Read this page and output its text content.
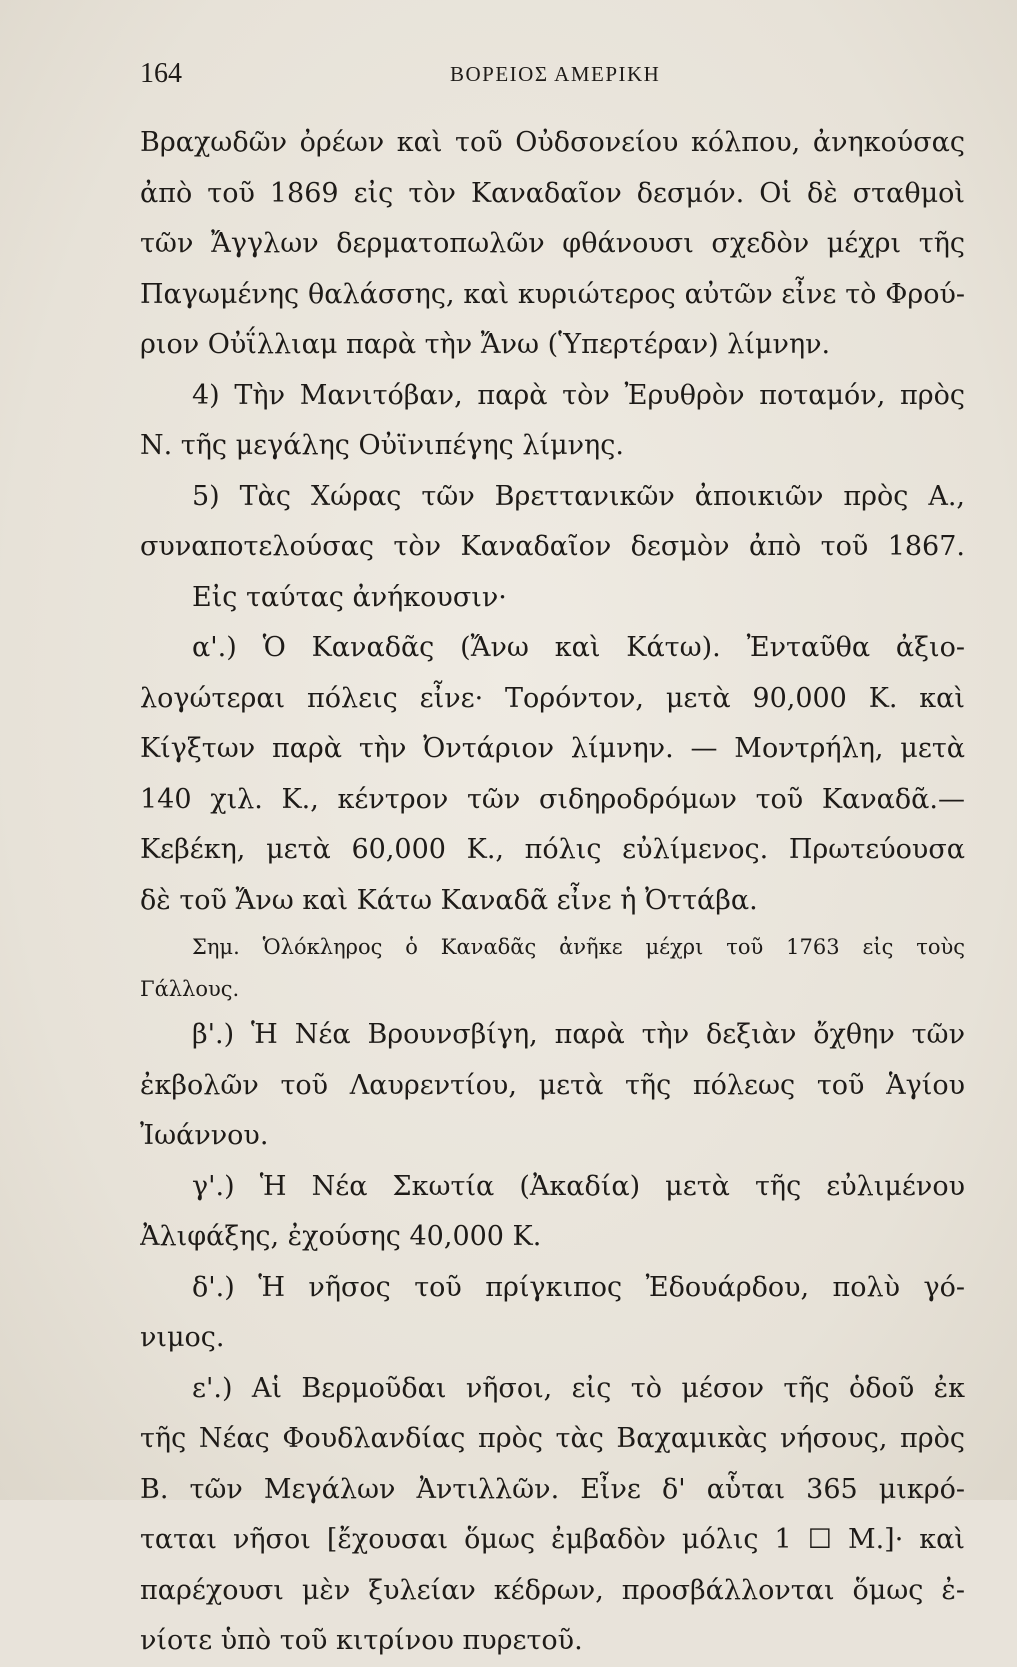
164	ΒΟΡΕΙΟΣ ΑΜΕΡΙΚΗ
Βραχωδῶν ὀρέων καὶ τοῦ Οὐδσονείου κόλπου, ἀνηκούσας
ἀπὸ τοῦ 1869 εἰς τὸν Καναδαῖον δεσμόν. Οἱ δὲ σταθμοὶ
τῶν Ἄγγλων δερματοπωλῶν φθάνουσι σχεδὸν μέχρι τῆς
Παγωμένης θαλάσσης, καὶ κυριώτερος αὐτῶν εἶνε τὸ Φρού-
ριον Οὐΐλλιαμ παρὰ τὴν Ἄνω (Ὑπερτέραν) λίμνην.
4) Τὴν Μανιτόβαν, παρὰ τὸν Ἐρυθρὸν ποταμόν, πρὸς
Ν. τῆς μεγάλης Οὐϊνιπέγης λίμνης.
5) Τὰς Χώρας τῶν Βρεττανικῶν ἀποικιῶν πρὸς Α.,
συναποτελούσας τὸν Καναδαῖον δεσμὸν ἀπὸ τοῦ 1867.
Εἰς ταύτας ἀνήκουσιν·
α'.) Ὁ Καναδᾶς (Ἄνω καὶ Κάτω). Ἐνταῦθα ἀξιο-
λογώτεραι πόλεις εἶνε· Τορόντον, μετὰ 90,000 Κ. καὶ
Κίγξτων παρὰ τὴν Ὀντάριον λίμνην. — Μοντρήλη, μετὰ
140 χιλ. Κ., κέντρον τῶν σιδηροδρόμων τοῦ Καναδᾶ.—
Κεβέκη, μετὰ 60,000 Κ., πόλις εὐλίμενος. Πρωτεύουσα
δὲ τοῦ Ἄνω καὶ Κάτω Καναδᾶ εἶνε ἡ Ὀττάβα.
Σημ. Ὁλόκληρος ὁ Καναδᾶς ἀνῆκε μέχρι τοῦ 1763 εἰς τοὺς
Γάλλους.
β'.) Ἡ Νέα Βρουνσβίγη, παρὰ τὴν δεξιὰν ὄχθην τῶν
ἐκβολῶν τοῦ Λαυρεντίου, μετὰ τῆς πόλεως τοῦ Ἁγίου
Ἰωάννου.
γ'.) Ἡ Νέα Σκωτία (Ἀκαδία) μετὰ τῆς εὐλιμένου
Ἀλιφάξης, ἐχούσης 40,000 Κ.
δ'.) Ἡ νῆσος τοῦ πρίγκιπος Ἐδουάρδου, πολὺ γό-
νιμος.
ε'.) Αἱ Βερμοῦδαι νῆσοι, εἰς τὸ μέσον τῆς ὁδοῦ ἐκ
τῆς Νέας Φουδλανδίας πρὸς τὰς Βαχαμικὰς νήσους, πρὸς
Β. τῶν Μεγάλων Ἀντιλλῶν. Εἶνε δ' αὗται 365 μικρό-
ταται νῆσοι [ἔχουσαι ὅμως ἐμβαδὸν μόλις 1 ☐ Μ.]· καὶ
παρέχουσι μὲν ξυλείαν κέδρων, προσβάλλονται ὅμως ἐ-
νίοτε ὑπὸ τοῦ κιτρίνου πυρετοῦ.
